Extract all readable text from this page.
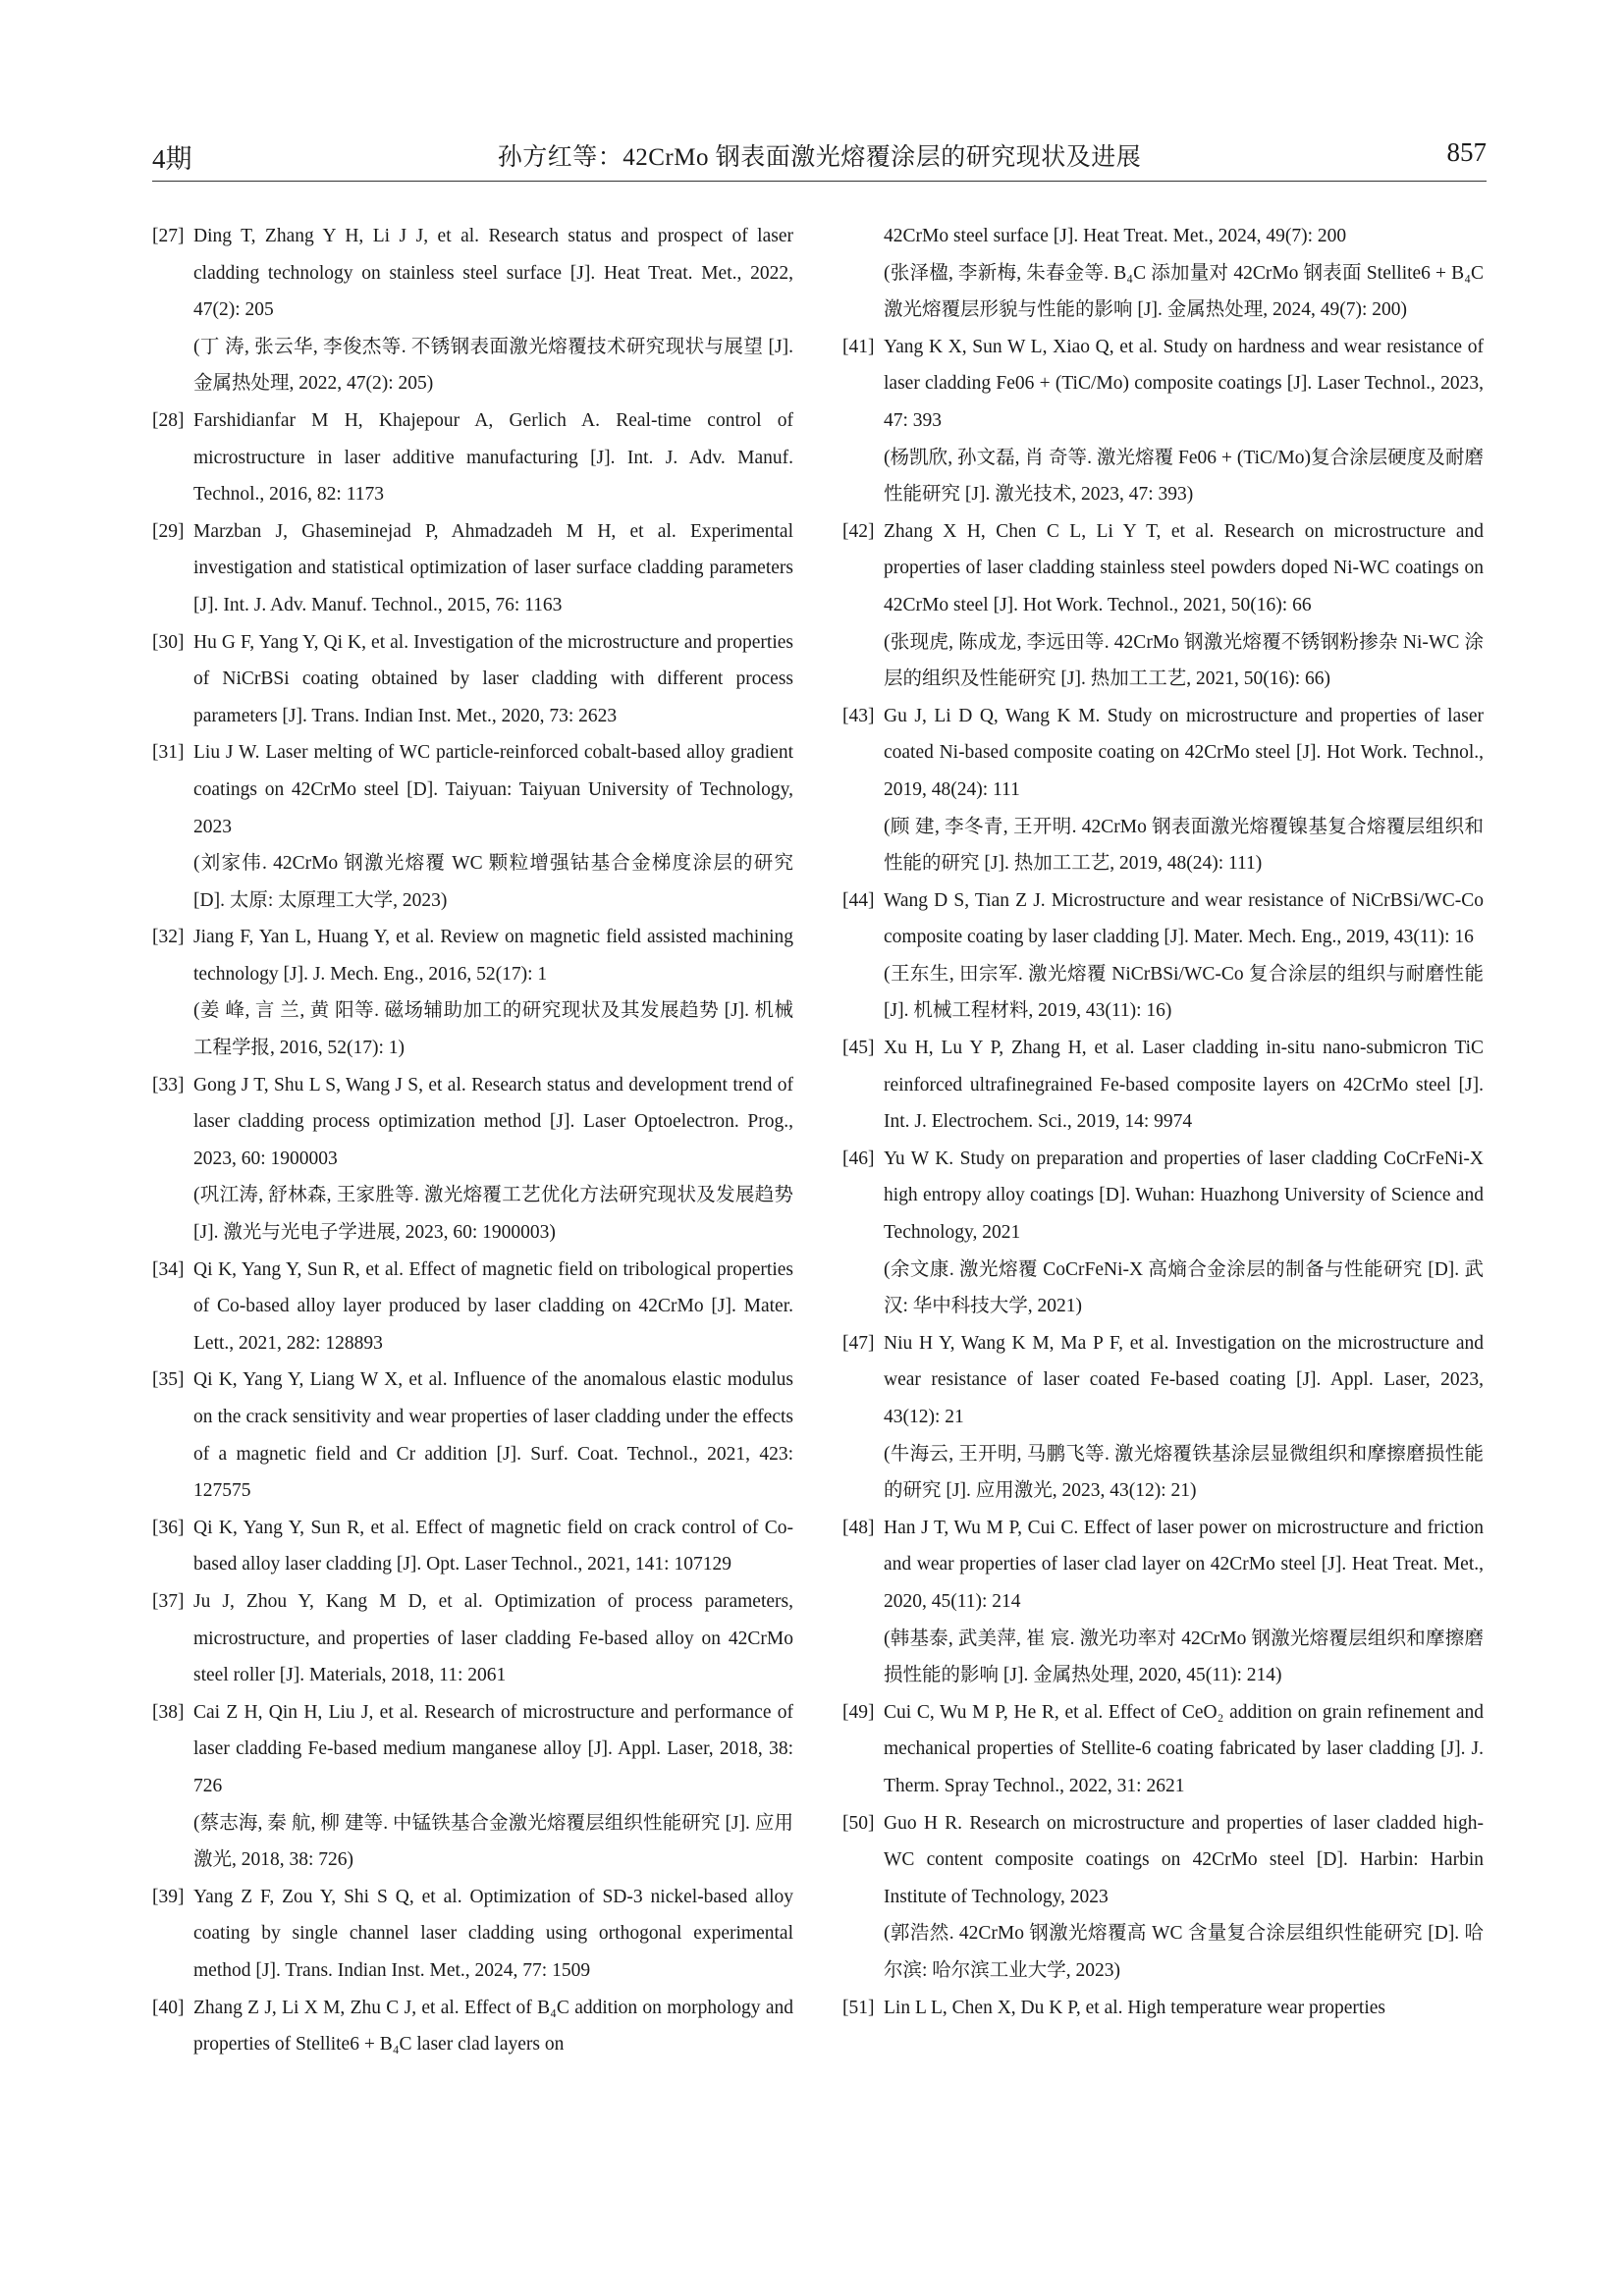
4期	孙方红等：42CrMo 钢表面激光熔覆涂层的研究现状及进展	857
[27] Ding T, Zhang Y H, Li J J, et al. Research status and prospect of laser cladding technology on stainless steel surface [J]. Heat Treat. Met., 2022, 47(2): 205
(丁 涛, 张云华, 李俊杰等. 不锈钢表面激光熔覆技术研究现状与展望 [J]. 金属热处理, 2022, 47(2): 205)
[28] Farshidianfar M H, Khajepour A, Gerlich A. Real-time control of microstructure in laser additive manufacturing [J]. Int. J. Adv. Manuf. Technol., 2016, 82: 1173
[29] Marzban J, Ghaseminejad P, Ahmadzadeh M H, et al. Experimental investigation and statistical optimization of laser surface cladding parameters [J]. Int. J. Adv. Manuf. Technol., 2015, 76: 1163
[30] Hu G F, Yang Y, Qi K, et al. Investigation of the microstructure and properties of NiCrBSi coating obtained by laser cladding with different process parameters [J]. Trans. Indian Inst. Met., 2020, 73: 2623
[31] Liu J W. Laser melting of WC particle-reinforced cobalt-based alloy gradient coatings on 42CrMo steel [D]. Taiyuan: Taiyuan University of Technology, 2023
(刘家伟. 42CrMo 钢激光熔覆 WC 颗粒增强钴基合金梯度涂层的研究 [D]. 太原: 太原理工大学, 2023)
[32] Jiang F, Yan L, Huang Y, et al. Review on magnetic field assisted machining technology [J]. J. Mech. Eng., 2016, 52(17): 1
(姜 峰, 言 兰, 黄 阳等. 磁场辅助加工的研究现状及其发展趋势 [J]. 机械工程学报, 2016, 52(17): 1)
[33] Gong J T, Shu L S, Wang J S, et al. Research status and development trend of laser cladding process optimization method [J]. Laser Optoelectron. Prog., 2023, 60: 1900003
(巩江涛, 舒林森, 王家胜等. 激光熔覆工艺优化方法研究现状及发展趋势 [J]. 激光与光电子学进展, 2023, 60: 1900003)
[34] Qi K, Yang Y, Sun R, et al. Effect of magnetic field on tribological properties of Co-based alloy layer produced by laser cladding on 42CrMo [J]. Mater. Lett., 2021, 282: 128893
[35] Qi K, Yang Y, Liang W X, et al. Influence of the anomalous elastic modulus on the crack sensitivity and wear properties of laser cladding under the effects of a magnetic field and Cr addition [J]. Surf. Coat. Technol., 2021, 423: 127575
[36] Qi K, Yang Y, Sun R, et al. Effect of magnetic field on crack control of Co-based alloy laser cladding [J]. Opt. Laser Technol., 2021, 141: 107129
[37] Ju J, Zhou Y, Kang M D, et al. Optimization of process parameters, microstructure, and properties of laser cladding Fe-based alloy on 42CrMo steel roller [J]. Materials, 2018, 11: 2061
[38] Cai Z H, Qin H, Liu J, et al. Research of microstructure and performance of laser cladding Fe-based medium manganese alloy [J]. Appl. Laser, 2018, 38: 726
(蔡志海, 秦 航, 柳 建等. 中锰铁基合金激光熔覆层组织性能研究 [J]. 应用激光, 2018, 38: 726)
[39] Yang Z F, Zou Y, Shi S Q, et al. Optimization of SD-3 nickel-based alloy coating by single channel laser cladding using orthogonal experimental method [J]. Trans. Indian Inst. Met., 2024, 77: 1509
[40] Zhang Z J, Li X M, Zhu C J, et al. Effect of B₄C addition on morphology and properties of Stellite6 + B₄C laser clad layers on
42CrMo steel surface [J]. Heat Treat. Met., 2024, 49(7): 200
(张泽楹, 李新梅, 朱春金等. B₄C 添加量对 42CrMo 钢表面 Stellite6 + B₄C 激光熔覆层形貌与性能的影响 [J]. 金属热处理, 2024, 49(7): 200)
[41] Yang K X, Sun W L, Xiao Q, et al. Study on hardness and wear resistance of laser cladding Fe06 + (TiC/Mo) composite coatings [J]. Laser Technol., 2023, 47: 393
(杨凯欣, 孙文磊, 肖 奇等. 激光熔覆 Fe06 + (TiC/Mo)复合涂层硬度及耐磨性能研究 [J]. 激光技术, 2023, 47: 393)
[42] Zhang X H, Chen C L, Li Y T, et al. Research on microstructure and properties of laser cladding stainless steel powders doped Ni-WC coatings on 42CrMo steel [J]. Hot Work. Technol., 2021, 50(16): 66
(张现虎, 陈成龙, 李远田等. 42CrMo 钢激光熔覆不锈钢粉掺杂 Ni-WC 涂层的组织及性能研究 [J]. 热加工工艺, 2021, 50(16): 66)
[43] Gu J, Li D Q, Wang K M. Study on microstructure and properties of laser coated Ni-based composite coating on 42CrMo steel [J]. Hot Work. Technol., 2019, 48(24): 111
(顾 建, 李冬青, 王开明. 42CrMo 钢表面激光熔覆镍基复合熔覆层组织和性能的研究 [J]. 热加工工艺, 2019, 48(24): 111)
[44] Wang D S, Tian Z J. Microstructure and wear resistance of NiCrBSi/WC-Co composite coating by laser cladding [J]. Mater. Mech. Eng., 2019, 43(11): 16
(王东生, 田宗军. 激光熔覆 NiCrBSi/WC-Co 复合涂层的组织与耐磨性能 [J]. 机械工程材料, 2019, 43(11): 16)
[45] Xu H, Lu Y P, Zhang H, et al. Laser cladding in-situ nano-submicron TiC reinforced ultrafinegrained Fe-based composite layers on 42CrMo steel [J]. Int. J. Electrochem. Sci., 2019, 14: 9974
[46] Yu W K. Study on preparation and properties of laser cladding CoCrFeNi-X high entropy alloy coatings [D]. Wuhan: Huazhong University of Science and Technology, 2021
(余文康. 激光熔覆 CoCrFeNi-X 高熵合金涂层的制备与性能研究 [D]. 武汉: 华中科技大学, 2021)
[47] Niu H Y, Wang K M, Ma P F, et al. Investigation on the microstructure and wear resistance of laser coated Fe-based coating [J]. Appl. Laser, 2023, 43(12): 21
(牛海云, 王开明, 马鹏飞等. 激光熔覆铁基涂层显微组织和摩擦磨损性能的研究 [J]. 应用激光, 2023, 43(12): 21)
[48] Han J T, Wu M P, Cui C. Effect of laser power on microstructure and friction and wear properties of laser clad layer on 42CrMo steel [J]. Heat Treat. Met., 2020, 45(11): 214
(韩基泰, 武美萍, 崔 宸. 激光功率对 42CrMo 钢激光熔覆层组织和摩擦磨损性能的影响 [J]. 金属热处理, 2020, 45(11): 214)
[49] Cui C, Wu M P, He R, et al. Effect of CeO₂ addition on grain refinement and mechanical properties of Stellite-6 coating fabricated by laser cladding [J]. J. Therm. Spray Technol., 2022, 31: 2621
[50] Guo H R. Research on microstructure and properties of laser cladded high-WC content composite coatings on 42CrMo steel [D]. Harbin: Harbin Institute of Technology, 2023
(郭浩然. 42CrMo 钢激光熔覆高 WC 含量复合涂层组织性能研究 [D]. 哈尔滨: 哈尔滨工业大学, 2023)
[51] Lin L L, Chen X, Du K P, et al. High temperature wear properties
